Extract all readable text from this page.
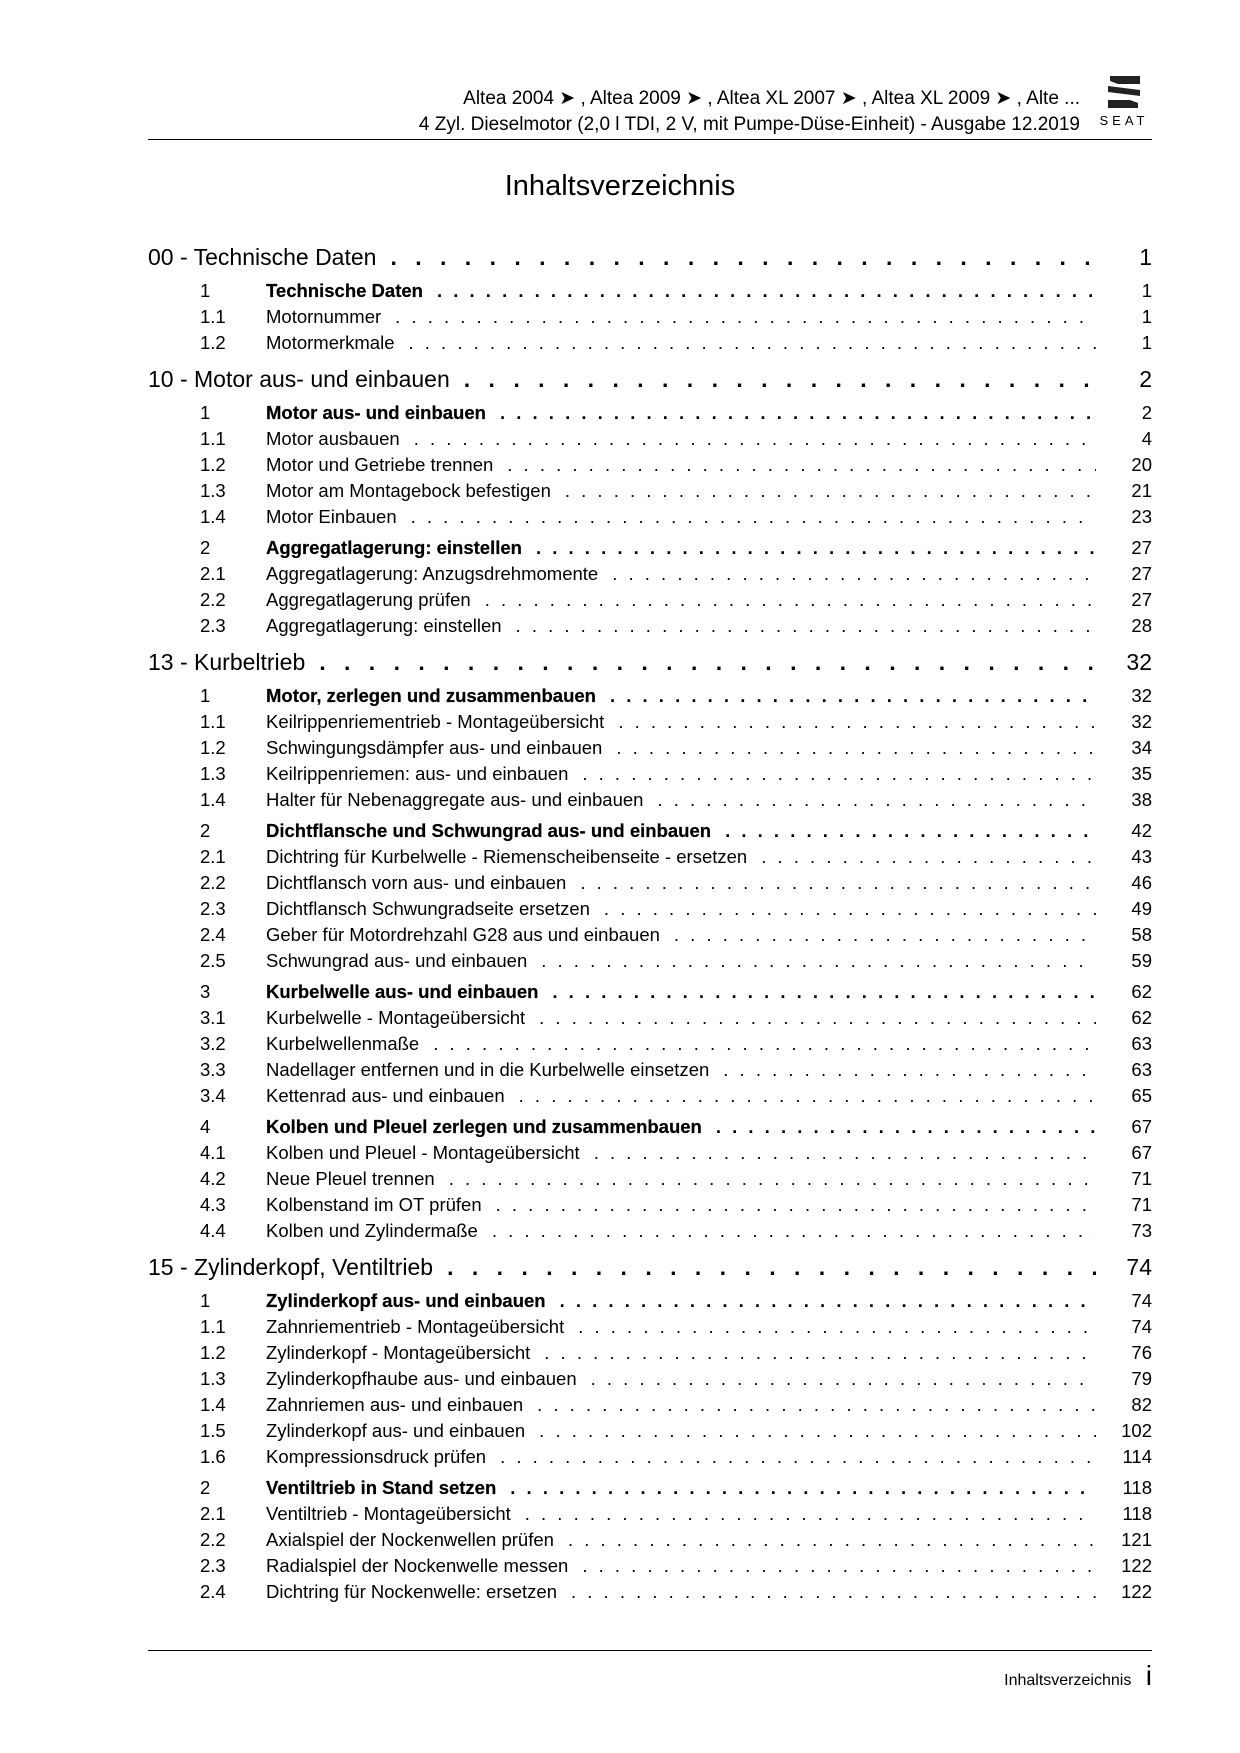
Altea 2004 ➤ , Altea 2009 ➤ , Altea XL 2007 ➤ , Altea XL 2009 ➤ , Alte ...
4 Zyl. Dieselmotor (2,0 l TDI, 2 V, mit Pumpe-Düse-Einheit) - Ausgabe 12.2019	SEAT
Inhaltsverzeichnis
00 - Technische Daten . . .	1
1	Technische Daten . . .	1
1.1	Motornummer . . .	1
1.2	Motormerkmale . . .	1
10 - Motor aus- und einbauen . . .	2
1	Motor aus- und einbauen . . .	2
1.1	Motor ausbauen . . .	4
1.2	Motor und Getriebe trennen . . .	20
1.3	Motor am Montagebock befestigen . . .	21
1.4	Motor Einbauen . . .	23
2	Aggregatlagerung: einstellen . . .	27
2.1	Aggregatlagerung: Anzugsdrehmomente . . .	27
2.2	Aggregatlagerung prüfen . . .	27
2.3	Aggregatlagerung: einstellen . . .	28
13 - Kurbeltrieb . . .	32
1	Motor, zerlegen und zusammenbauen . . .	32
1.1	Keilrippenriementrieb - Montageübersicht . . .	32
1.2	Schwingungsdämpfer aus- und einbauen . . .	34
1.3	Keilrippenriemen: aus- und einbauen . . .	35
1.4	Halter für Nebenaggregate aus- und einbauen . . .	38
2	Dichtflansche und Schwungrad aus- und einbauen . . .	42
2.1	Dichtring für Kurbelwelle - Riemenscheibenseite - ersetzen . . .	43
2.2	Dichtflansch vorn aus- und einbauen . . .	46
2.3	Dichtflansch Schwungradseite ersetzen . . .	49
2.4	Geber für Motordrehzahl G28 aus und einbauen . . .	58
2.5	Schwungrad aus- und einbauen . . .	59
3	Kurbelwelle aus- und einbauen . . .	62
3.1	Kurbelwelle - Montageübersicht . . .	62
3.2	Kurbelwellenmaße . . .	63
3.3	Nadellager entfernen und in die Kurbelwelle einsetzen . . .	63
3.4	Kettenrad aus- und einbauen . . .	65
4	Kolben und Pleuel zerlegen und zusammenbauen . . .	67
4.1	Kolben und Pleuel - Montageübersicht . . .	67
4.2	Neue Pleuel trennen . . .	71
4.3	Kolbenstand im OT prüfen . . .	71
4.4	Kolben und Zylindermaße . . .	73
15 - Zylinderkopf, Ventiltrieb . . .	74
1	Zylinderkopf aus- und einbauen . . .	74
1.1	Zahnriementrieb - Montageübersicht . . .	74
1.2	Zylinderkopf - Montageübersicht . . .	76
1.3	Zylinderkopfhaube aus- und einbauen . . .	79
1.4	Zahnriemen aus- und einbauen . . .	82
1.5	Zylinderkopf aus- und einbauen . . .	102
1.6	Kompressionsdruck prüfen . . .	114
2	Ventiltrieb in Stand setzen . . .	118
2.1	Ventiltrieb - Montageübersicht . . .	118
2.2	Axialspiel der Nockenwellen prüfen . . .	121
2.3	Radialspiel der Nockenwelle messen . . .	122
2.4	Dichtring für Nockenwelle: ersetzen . . .	122
Inhaltsverzeichnis i
